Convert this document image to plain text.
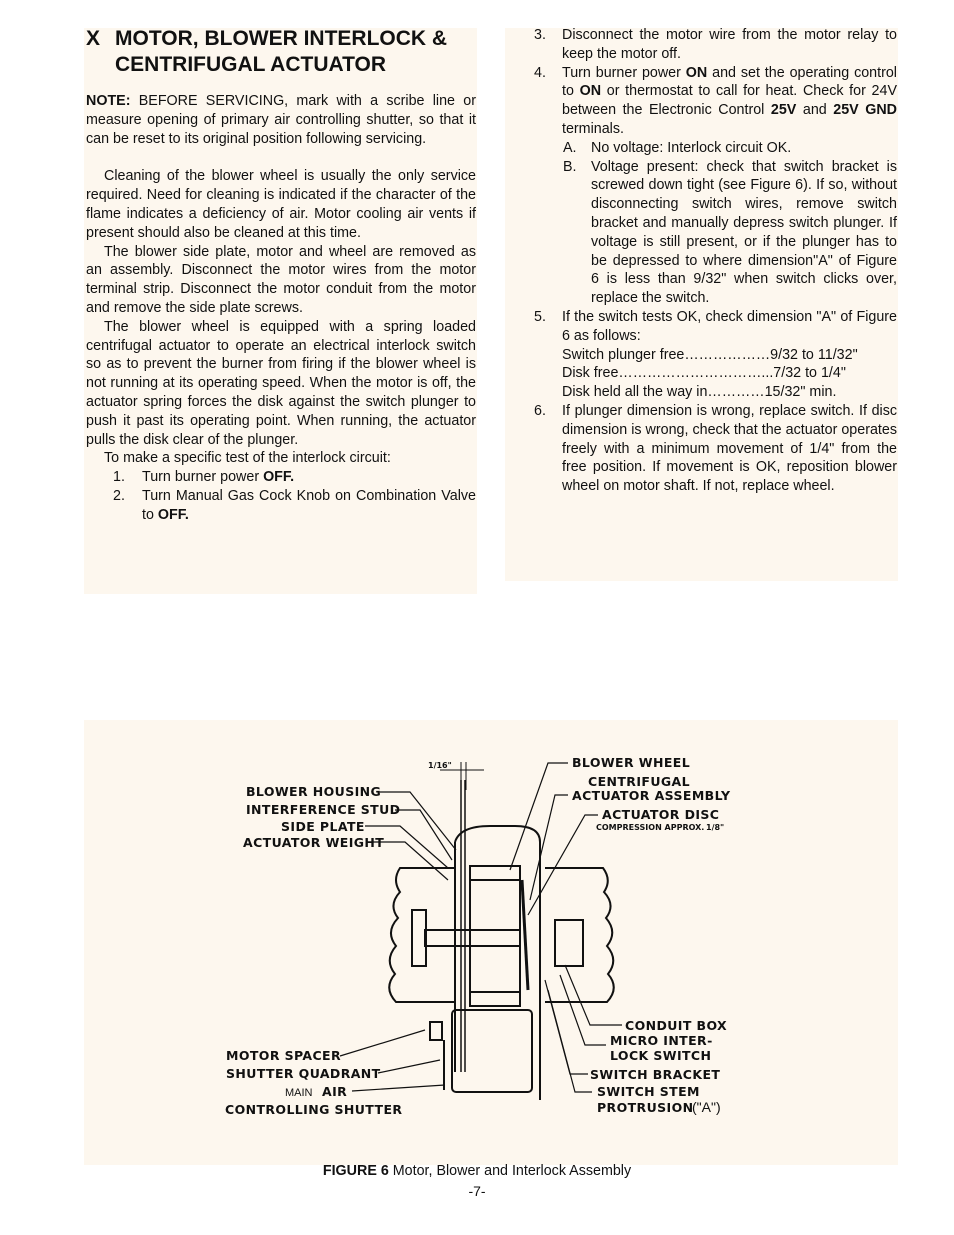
X MOTOR, BLOWER INTERLOCK &
CENTRIFUGAL ACTUATOR

NOTE: BEFORE SERVICING, mark with a scribe line or measure opening of primary air controlling shutter, so that it can be reset to its original position following servicing.

Cleaning of the blower wheel is usually the only service required. Need for cleaning is indicated if the character of the flame indicates a deficiency of air. Motor cooling air vents if present should also be cleaned at this time.

The blower side plate, motor and wheel are removed as an assembly. Disconnect the motor wires from the motor terminal strip. Disconnect the motor conduit from the motor and remove the side plate screws.

The blower wheel is equipped with a spring loaded centrifugal actuator to operate an electrical interlock switch so as to prevent the burner from firing if the blower wheel is not running at its operating speed. When the motor is off, the actuator spring forces the disk against the switch plunger to push it past its operating point. When running, the actuator pulls the disk clear of the plunger.

To make a specific test of the interlock circuit:

1. Turn burner power OFF.
2. Turn Manual Gas Cock Knob on Combination Valve to OFF.
3. Disconnect the motor wire from the motor relay to keep the motor off.
4. Turn burner power ON and set the operating control to ON or thermostat to call for heat. Check for 24V between the Electronic Control 25V and 25V GND terminals.
A. No voltage: Interlock circuit OK.
B. Voltage present: check that switch bracket is screwed down tight (see Figure 6). If so, without disconnecting switch wires, remove switch bracket and manually depress switch plunger. If voltage is still present, or if the plunger has to be depressed to where dimension"A" of Figure 6 is less than 9/32" when switch clicks over, replace the switch.
5. If the switch tests OK, check dimension "A" of Figure 6 as follows:
Switch plunger free………………9/32 to 11/32"
Disk free…………………………...7/32 to 1/4"
Disk held all the way in…………15/32" min.
6. If plunger dimension is wrong, replace switch. If disc dimension is wrong, check that the actuator operates freely with a minimum movement of 1/4" from the free position. If movement is OK, reposition blower wheel on motor shaft. If not, replace wheel.
BLOWER WHEEL
CENTRIFUGAL
ACTUATOR ASSEMBLY
ACTUATOR DISC
COMPRESSION APPROX. 1/8"
1/16"
BLOWER HOUSING
INTERFERENCE STUD
SIDE PLATE
ACTUATOR WEIGHT
CONDUIT BOX
MICRO INTER-
LOCK SWITCH
SWITCH BRACKET
SWITCH STEM
PROTRUSION
("A")
MOTOR SPACER
SHUTTER QUADRANT
MAIN AIR
CONTROLLING SHUTTER
FIGURE 6 Motor, Blower and Interlock Assembly
-7-
